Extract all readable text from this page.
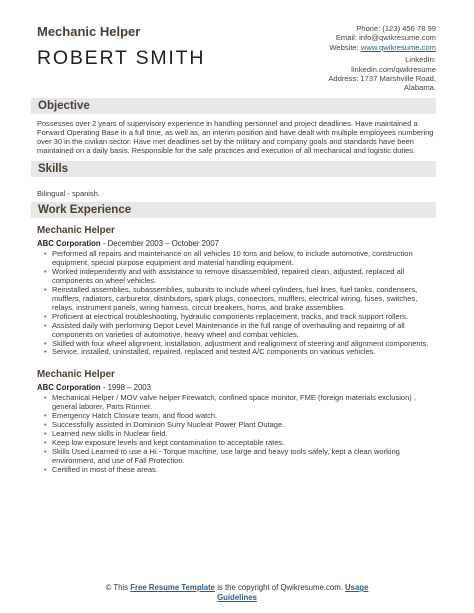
Mechanic Helper
ROBERT SMITH
Phone: (123) 456 78 99
Email: info@qwikresume.com
Website: www.qwikresume.com
LinkedIn:
linkedin.com/qwikresume
Address: 1737 Marshville Road,
Alabama.
Objective
Possesses over 2 years of supervisory experience in handling personnel and project deadlines. Have maintained a Forward Operating Base in a full time, as well as, an interim position and have dealt with multiple employees numbering over 30 in the civilian sector. Have met deadlines set by the military and company goals and standards have been maintained on a daily basis. Responsible for the safe practices and execution of all mechanical and logistic duties.
Skills
Bilingual - spanish.
Work Experience
Mechanic Helper
ABC Corporation - December 2003 – October 2007
• Performed all repairs and maintenance on all vehicles 10 tons and below, to include automotive, construction equipment, special purpose equipment and material handling equipment.
• Worked independently and with assistance to remove disassembled, repaired clean, adjusted, replaced all components on wheel vehicles.
• Reinstalled assemblies, subassemblies, subunits to include wheel cylinders, fuel lines, fuel tanks, condensers, mufflers, radiators, carburetor, distributors, spark plugs, connectors, mufflers, electrical wiring, fuses, switches, relays, instrument panels, wiring harness, circuit breakers, horns, and brake assemblies.
• Proficient at electrical troubleshooting, hydraulic components replacement, tracks, and track support rollers.
• Assisted daily with performing Depot Level Maintenance in the full range of overhauling and repairing of all components on varieties of automotive, heavy wheel and combat vehicles.
• Skilled with four wheel alignment, installation, adjustment and realignment of steering and alignment components.
• Service, installed, uninstalled, repaired, replaced and tested A/C components on various vehicles.
Mechanic Helper
ABC Corporation - 1998 – 2003
• Mechanical Helper / MOV valve helper Firewatch, confined space monitor, FME (foreign materials exclusion) , general laborer, Parts Runner.
• Emergency Hatch Closure team, and flood watch.
• Successfully assisted in Dominion Surry Nuclear Power Plant Outage.
• Learned new skills in Nuclear field.
• Keep low exposure levels and kept contamination to acceptable rates.
• Skills Used Learned to use a Hi - Torque machine, use large and heavy tools safely, kept a clean working environment, and use of Fall Protection.
• Certified in most of these areas.
© This Free Resume Template is the copyright of Qwikresume.com. Usage
Guidelines
